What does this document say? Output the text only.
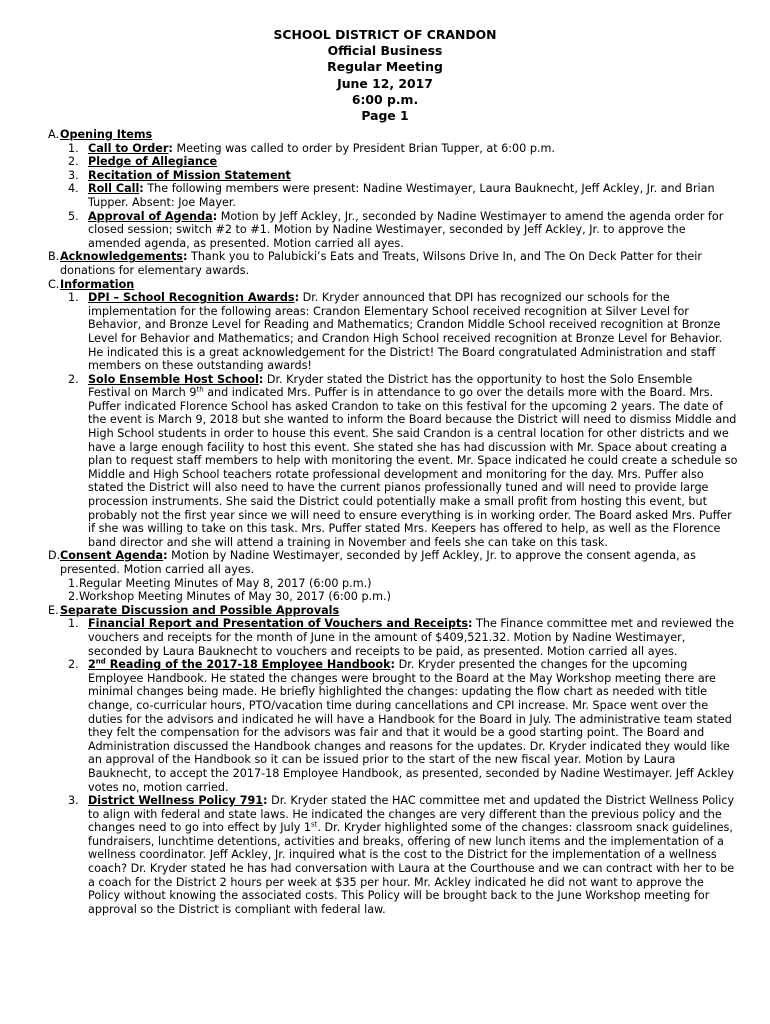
SCHOOL DISTRICT OF CRANDON
Official Business
Regular Meeting
June 12, 2017
6:00 p.m.
Page 1
A. Opening Items
1. Call to Order: Meeting was called to order by President Brian Tupper, at 6:00 p.m.

2. Pledge of Allegiance

3. Recitation of Mission Statement

4. Roll Call: The following members were present: Nadine Westimayer, Laura Bauknecht, Jeff Ackley, Jr. and Brian Tupper. Absent: Joe Mayer.

5. Approval of Agenda: Motion by Jeff Ackley, Jr., seconded by Nadine Westimayer to amend the agenda order for closed session; switch #2 to #1. Motion by Nadine Westimayer, seconded by Jeff Ackley, Jr. to approve the amended agenda, as presented. Motion carried all ayes.

B. Acknowledgements: Thank you to Palubicki’s Eats and Treats, Wilsons Drive In, and The On Deck Patter for their donations for elementary awards.

C. Information
1. DPI – School Recognition Awards: Dr. Kryder announced that DPI has recognized our schools for the implementation for the following areas: Crandon Elementary School received recognition at Silver Level for Behavior, and Bronze Level for Reading and Mathematics; Crandon Middle School received recognition at Bronze Level for Behavior and Mathematics; and Crandon High School received recognition at Bronze Level for Behavior. He indicated this is a great acknowledgement for the District! The Board congratulated Administration and staff members on these outstanding awards!

2. Solo Ensemble Host School: Dr. Kryder stated the District has the opportunity to host the Solo Ensemble Festival on March 9th and indicated Mrs. Puffer is in attendance to go over the details more with the Board. Mrs. Puffer indicated Florence School has asked Crandon to take on this festival for the upcoming 2 years. The date of the event is March 9, 2018 but she wanted to inform the Board because the District will need to dismiss Middle and High School students in order to house this event. She said Crandon is a central location for other districts and we have a large enough facility to host this event. She stated she has had discussion with Mr. Space about creating a plan to request staff members to help with monitoring the event. Mr. Space indicated he could create a schedule so Middle and High School teachers rotate professional development and monitoring for the day. Mrs. Puffer also stated the District will also need to have the current pianos professionally tuned and will need to provide large procession instruments. She said the District could potentially make a small profit from hosting this event, but probably not the first year since we will need to ensure everything is in working order. The Board asked Mrs. Puffer if she was willing to take on this task. Mrs. Puffer stated Mrs. Keepers has offered to help, as well as the Florence band director and she will attend a training in November and feels she can take on this task.

D. Consent Agenda: Motion by Nadine Westimayer, seconded by Jeff Ackley, Jr. to approve the consent agenda, as presented. Motion carried all ayes.

1. Regular Meeting Minutes of May 8, 2017 (6:00 p.m.)

2. Workshop Meeting Minutes of May 30, 2017 (6:00 p.m.)

E. Separate Discussion and Possible Approvals
1. Financial Report and Presentation of Vouchers and Receipts: The Finance committee met and reviewed the vouchers and receipts for the month of June in the amount of $409,521.32. Motion by Nadine Westimayer, seconded by Laura Bauknecht to vouchers and receipts to be paid, as presented. Motion carried all ayes.

2. 2nd Reading of the 2017-18 Employee Handbook: Dr. Kryder presented the changes for the upcoming Employee Handbook. He stated the changes were brought to the Board at the May Workshop meeting there are minimal changes being made. He briefly highlighted the changes: updating the flow chart as needed with title change, co-curricular hours, PTO/vacation time during cancellations and CPI increase. Mr. Space went over the duties for the advisors and indicated he will have a Handbook for the Board in July. The administrative team stated they felt the compensation for the advisors was fair and that it would be a good starting point. The Board and Administration discussed the Handbook changes and reasons for the updates. Dr. Kryder indicated they would like an approval of the Handbook so it can be issued prior to the start of the new fiscal year. Motion by Laura Bauknecht, to accept the 2017-18 Employee Handbook, as presented, seconded by Nadine Westimayer. Jeff Ackley votes no, motion carried.

3. District Wellness Policy 791: Dr. Kryder stated the HAC committee met and updated the District Wellness Policy to align with federal and state laws. He indicated the changes are very different than the previous policy and the changes need to go into effect by July 1st. Dr. Kryder highlighted some of the changes: classroom snack guidelines, fundraisers, lunchtime detentions, activities and breaks, offering of new lunch items and the implementation of a wellness coordinator. Jeff Ackley, Jr. inquired what is the cost to the District for the implementation of a wellness coach? Dr. Kryder stated he has had conversation with Laura at the Courthouse and we can contract with her to be a coach for the District 2 hours per week at $35 per hour. Mr. Ackley indicated he did not want to approve the Policy without knowing the associated costs. This Policy will be brought back to the June Workshop meeting for approval so the District is compliant with federal law.
